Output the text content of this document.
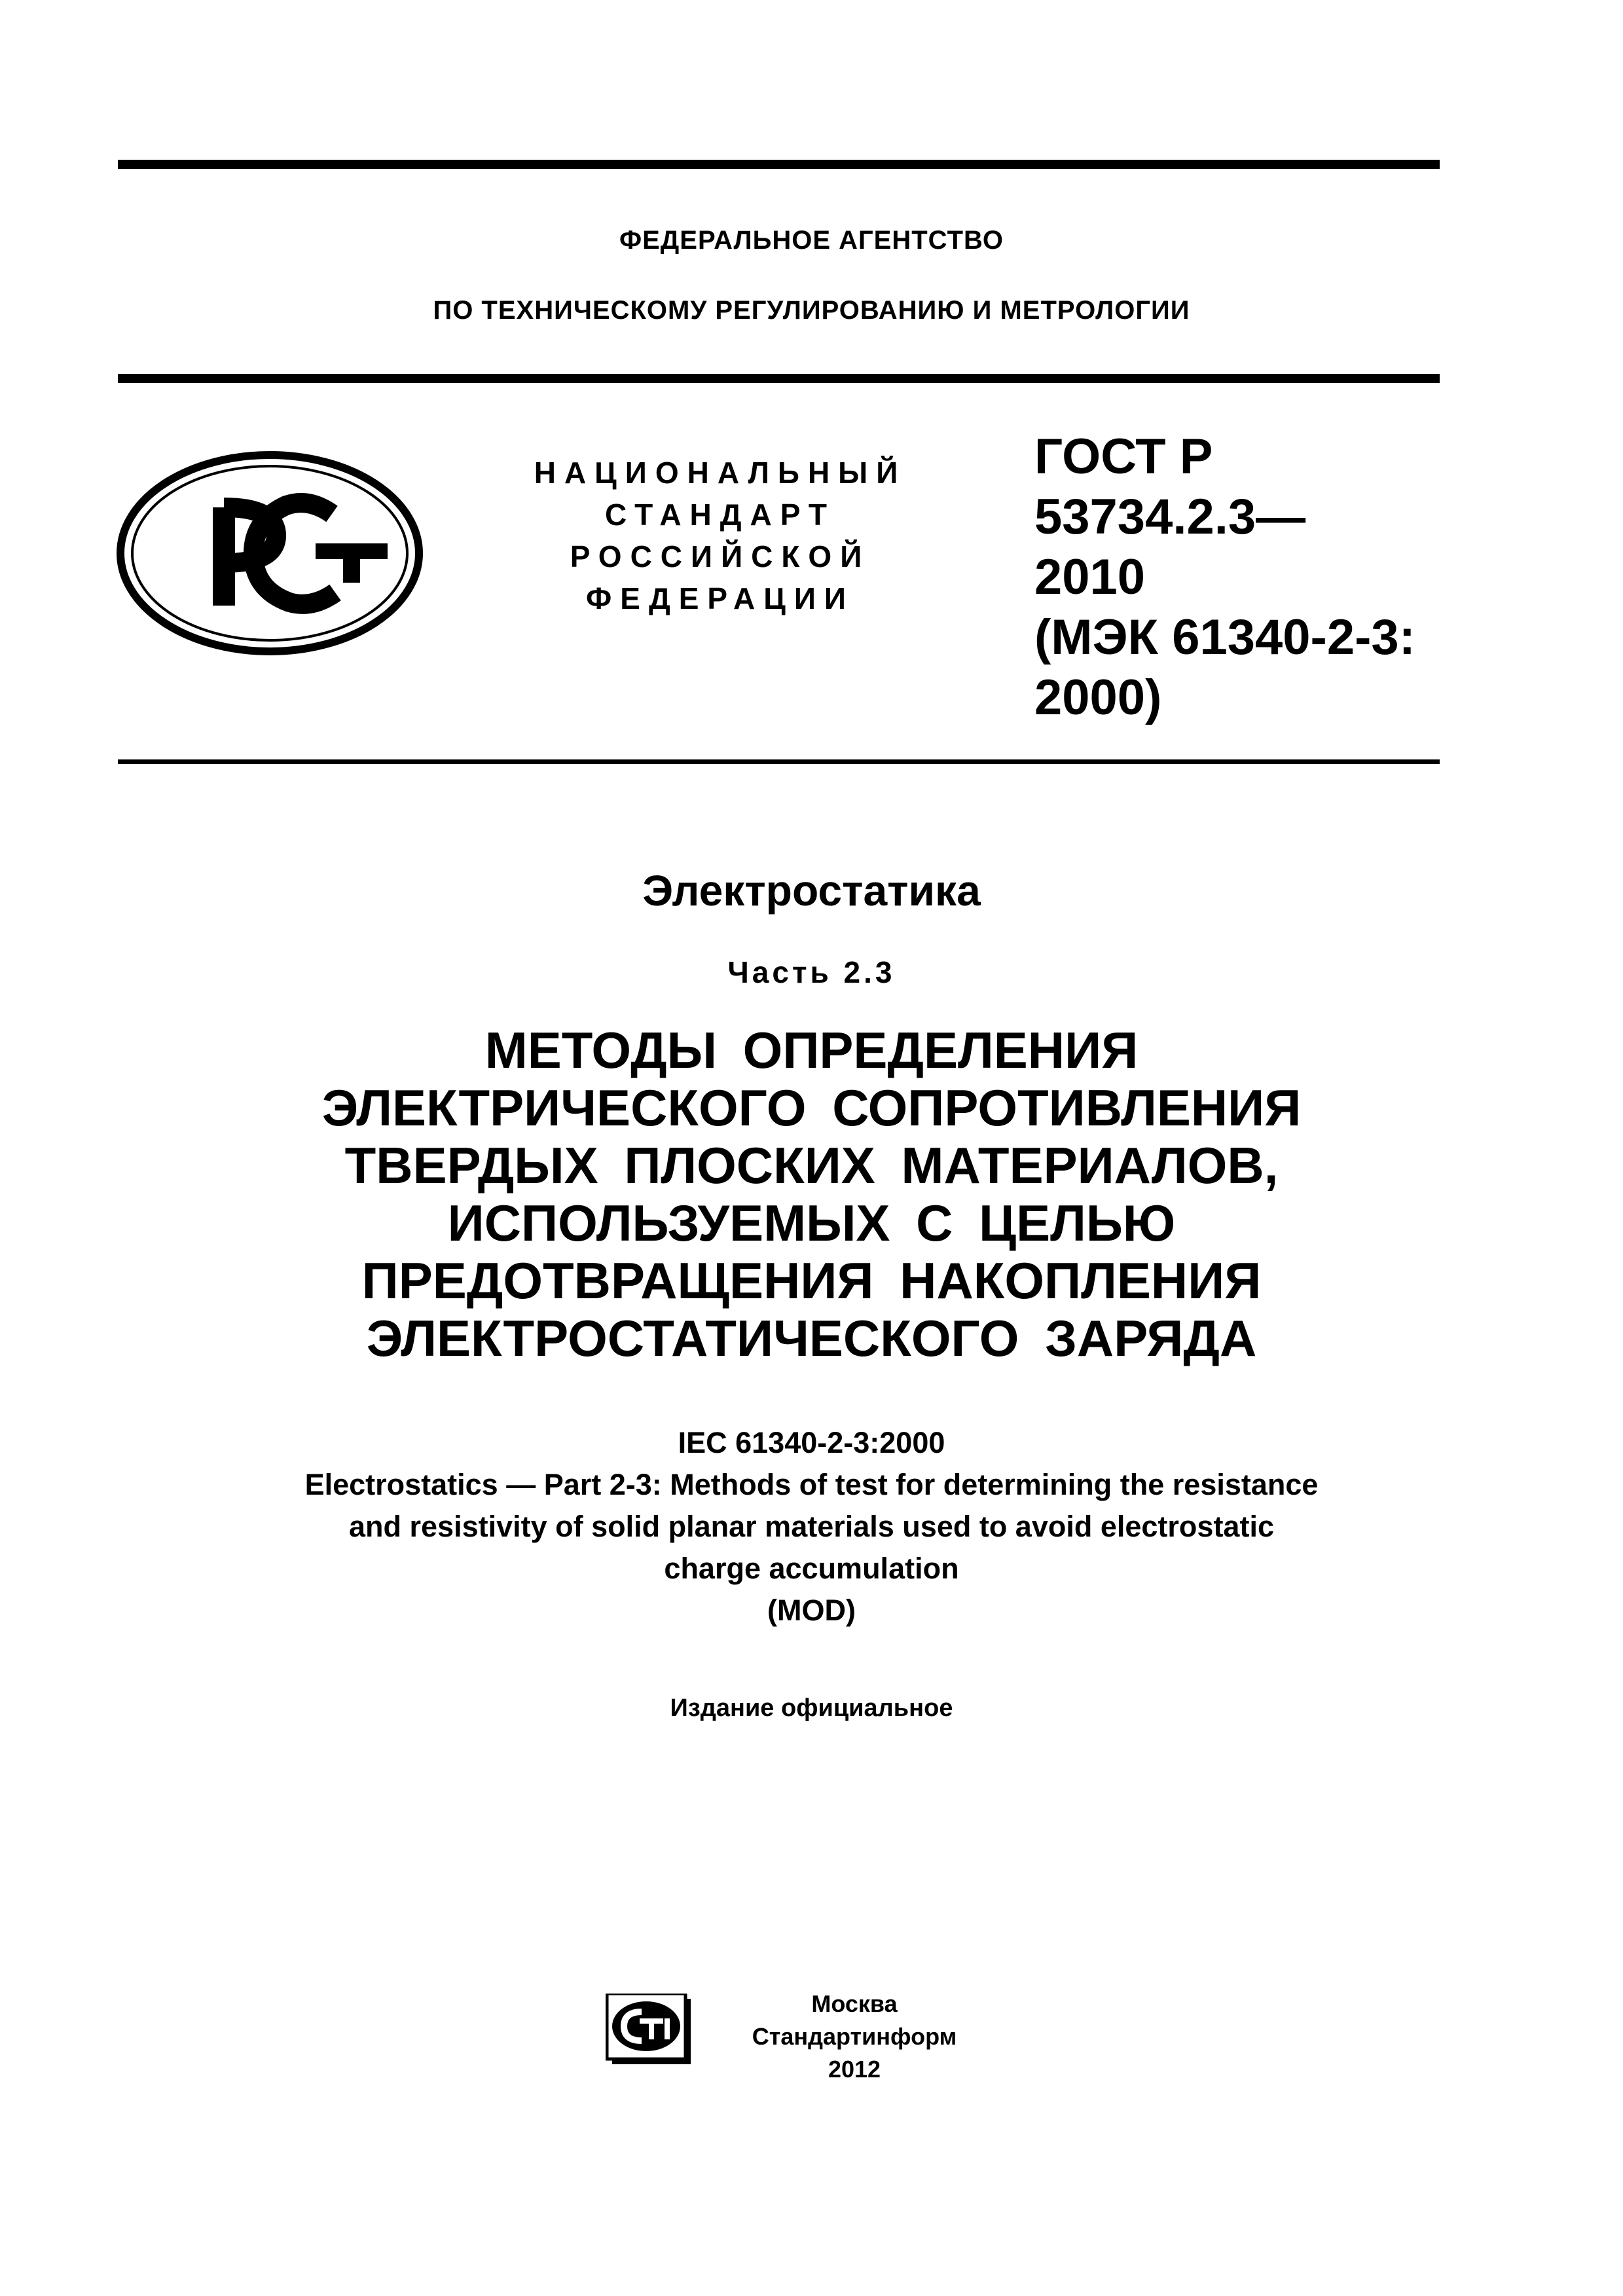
ФЕДЕРАЛЬНОЕ АГЕНТСТВО
ПО ТЕХНИЧЕСКОМУ РЕГУЛИРОВАНИЮ И МЕТРОЛОГИИ
НАЦИОНАЛЬНЫЙ
СТАНДАРТ
РОССИЙСКОЙ
ФЕДЕРАЦИИ
ГОСТ Р
53734.2.3—
2010
(МЭК 61340-2-3:
2000)
Электростатика
Часть 2.3
МЕТОДЫ ОПРЕДЕЛЕНИЯ
ЭЛЕКТРИЧЕСКОГО СОПРОТИВЛЕНИЯ
ТВЕРДЫХ ПЛОСКИХ МАТЕРИАЛОВ,
ИСПОЛЬЗУЕМЫХ С ЦЕЛЬЮ
ПРЕДОТВРАЩЕНИЯ НАКОПЛЕНИЯ
ЭЛЕКТРОСТАТИЧЕСКОГО ЗАРЯДА
IEC 61340-2-3:2000
Electrostatics — Part 2-3: Methods of test for determining the resistance
and resistivity of solid planar materials used to avoid electrostatic
charge accumulation
(MOD)
Издание официальное
Москва
Стандартинформ
2012
